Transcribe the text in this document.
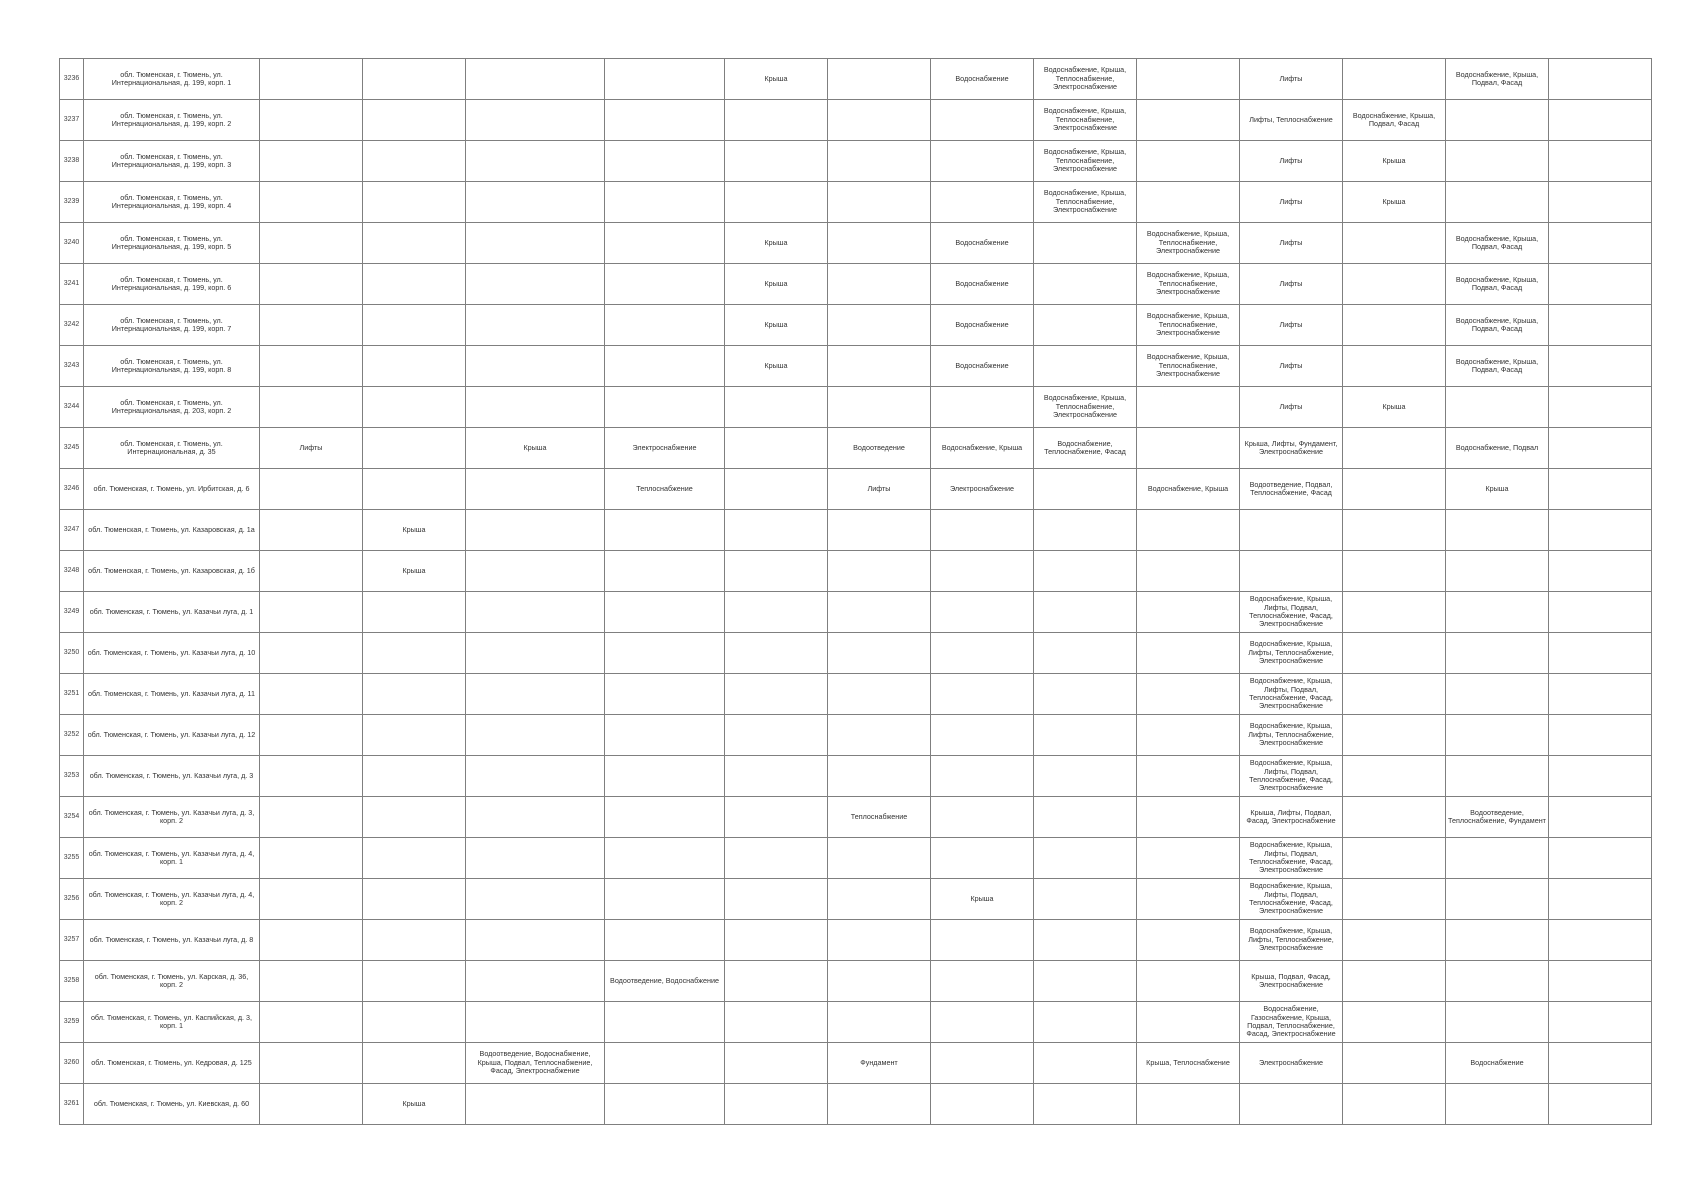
3236	обл. Тюменская, г. Тюмень, ул. Интернациональная, д. 199, корп. 1					Крыша		Водоснабжение	Водоснабжение, Крыша, Теплоснабжение, Электроснабжение		Лифты		Водоснабжение, Крыша, Подвал, Фасад	
3237	обл. Тюменская, г. Тюмень, ул. Интернациональная, д. 199, корп. 2								Водоснабжение, Крыша, Теплоснабжение, Электроснабжение		Лифты, Теплоснабжение	Водоснабжение, Крыша, Подвал, Фасад		
3238	обл. Тюменская, г. Тюмень, ул. Интернациональная, д. 199, корп. 3								Водоснабжение, Крыша, Теплоснабжение, Электроснабжение		Лифты	Крыша		
3239	обл. Тюменская, г. Тюмень, ул. Интернациональная, д. 199, корп. 4								Водоснабжение, Крыша, Теплоснабжение, Электроснабжение		Лифты	Крыша		
3240	обл. Тюменская, г. Тюмень, ул. Интернациональная, д. 199, корп. 5					Крыша		Водоснабжение		Водоснабжение, Крыша, Теплоснабжение, Электроснабжение	Лифты		Водоснабжение, Крыша, Подвал, Фасад	
3241	обл. Тюменская, г. Тюмень, ул. Интернациональная, д. 199, корп. 6					Крыша		Водоснабжение		Водоснабжение, Крыша, Теплоснабжение, Электроснабжение	Лифты		Водоснабжение, Крыша, Подвал, Фасад	
3242	обл. Тюменская, г. Тюмень, ул. Интернациональная, д. 199, корп. 7					Крыша		Водоснабжение		Водоснабжение, Крыша, Теплоснабжение, Электроснабжение	Лифты		Водоснабжение, Крыша, Подвал, Фасад	
3243	обл. Тюменская, г. Тюмень, ул. Интернациональная, д. 199, корп. 8					Крыша		Водоснабжение		Водоснабжение, Крыша, Теплоснабжение, Электроснабжение	Лифты		Водоснабжение, Крыша, Подвал, Фасад	
3244	обл. Тюменская, г. Тюмень, ул. Интернациональная, д. 203, корп. 2								Водоснабжение, Крыша, Теплоснабжение, Электроснабжение		Лифты	Крыша		
3245	обл. Тюменская, г. Тюмень, ул. Интернациональная, д. 35	Лифты		Крыша	Электроснабжение		Водоотведение	Водоснабжение, Крыша	Водоснабжение, Теплоснабжение, Фасад		Крыша, Лифты, Фундамент, Электроснабжение		Водоснабжение, Подвал	
3246	обл. Тюменская, г. Тюмень, ул. Ирбитская, д. 6				Теплоснабжение		Лифты	Электроснабжение		Водоснабжение, Крыша	Водоотведение, Подвал, Теплоснабжение, Фасад		Крыша	
3247	обл. Тюменская, г. Тюмень, ул. Казаровская, д. 1а		Крыша											
3248	обл. Тюменская, г. Тюмень, ул. Казаровская, д. 1б		Крыша											
3249	обл. Тюменская, г. Тюмень, ул. Казачьи луга, д. 1										Водоснабжение, Крыша, Лифты, Подвал, Теплоснабжение, Фасад, Электроснабжение			
3250	обл. Тюменская, г. Тюмень, ул. Казачьи луга, д. 10										Водоснабжение, Крыша, Лифты, Теплоснабжение, Электроснабжение			
3251	обл. Тюменская, г. Тюмень, ул. Казачьи луга, д. 11										Водоснабжение, Крыша, Лифты, Подвал, Теплоснабжение, Фасад, Электроснабжение			
3252	обл. Тюменская, г. Тюмень, ул. Казачьи луга, д. 12										Водоснабжение, Крыша, Лифты, Теплоснабжение, Электроснабжение			
3253	обл. Тюменская, г. Тюмень, ул. Казачьи луга, д. 3										Водоснабжение, Крыша, Лифты, Подвал, Теплоснабжение, Фасад, Электроснабжение			
3254	обл. Тюменская, г. Тюмень, ул. Казачьи луга, д. 3, корп. 2						Теплоснабжение				Крыша, Лифты, Подвал, Фасад, Электроснабжение		Водоотведение, Теплоснабжение, Фундамент	
3255	обл. Тюменская, г. Тюмень, ул. Казачьи луга, д. 4, корп. 1										Водоснабжение, Крыша, Лифты, Подвал, Теплоснабжение, Фасад, Электроснабжение			
3256	обл. Тюменская, г. Тюмень, ул. Казачьи луга, д. 4, корп. 2							Крыша			Водоснабжение, Крыша, Лифты, Подвал, Теплоснабжение, Фасад, Электроснабжение			
3257	обл. Тюменская, г. Тюмень, ул. Казачьи луга, д. 8										Водоснабжение, Крыша, Лифты, Теплоснабжение, Электроснабжение			
3258	обл. Тюменская, г. Тюмень, ул. Карская, д. 36, корп. 2				Водоотведение, Водоснабжение						Крыша, Подвал, Фасад, Электроснабжение			
3259	обл. Тюменская, г. Тюмень, ул. Каспийская, д. 3, корп. 1										Водоснабжение, Газоснабжение, Крыша, Подвал, Теплоснабжение, Фасад, Электроснабжение			
3260	обл. Тюменская, г. Тюмень, ул. Кедровая, д. 125			Водоотведение, Водоснабжение, Крыша, Подвал, Теплоснабжение, Фасад, Электроснабжение			Фундамент			Крыша, Теплоснабжение	Электроснабжение		Водоснабжение	
3261	обл. Тюменская, г. Тюмень, ул. Киевская, д. 60		Крыша											
